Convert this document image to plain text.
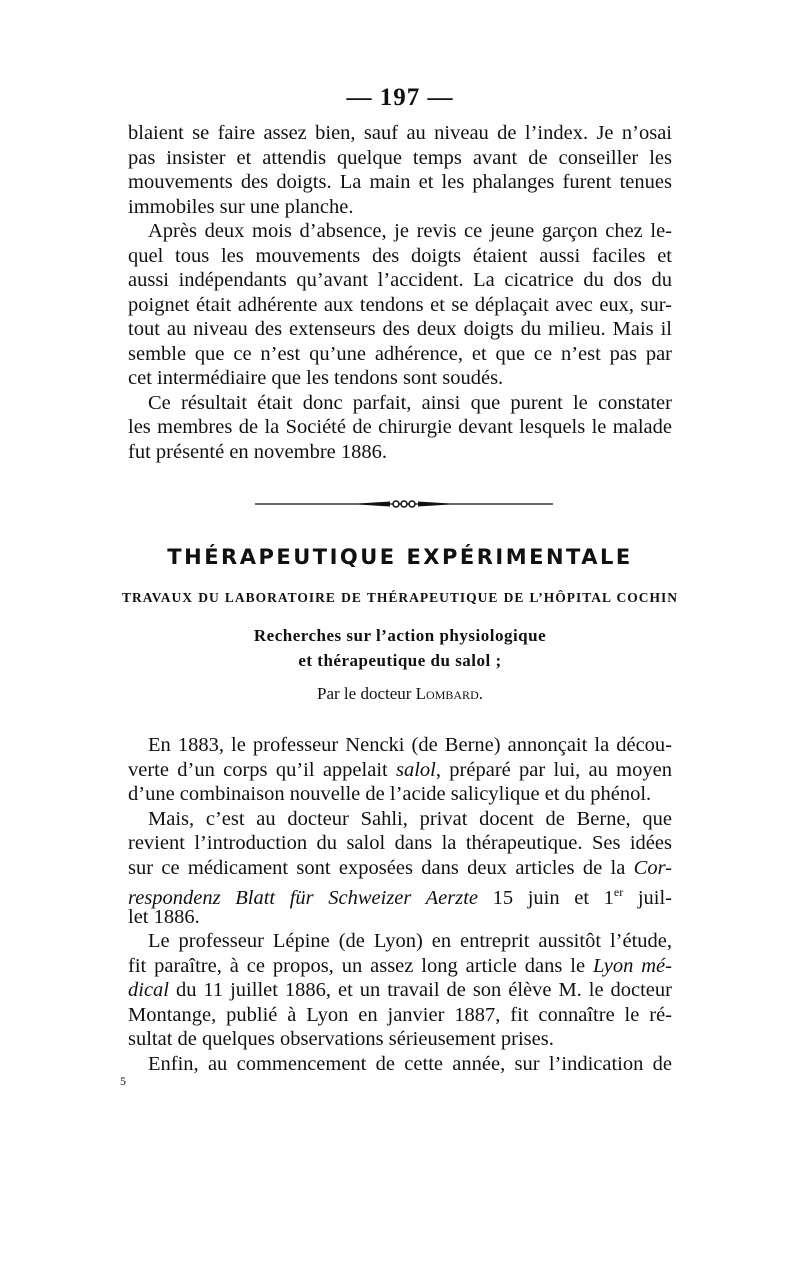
— 197 —
blaient se faire assez bien, sauf au niveau de l’index. Je n’osai
pas insister et attendis quelque temps avant de conseiller les
mouvements des doigts. La main et les phalanges furent tenues
immobiles sur une planche.
Après deux mois d’absence, je revis ce jeune garçon chez le-
quel tous les mouvements des doigts étaient aussi faciles et
aussi indépendants qu’avant l’accident. La cicatrice du dos du
poignet était adhérente aux tendons et se déplaçait avec eux, sur-
tout au niveau des extenseurs des deux doigts du milieu. Mais il
semble que ce n’est qu’une adhérence, et que ce n’est pas par
cet intermédiaire que les tendons sont soudés.
Ce résultait était donc parfait, ainsi que purent le constater
les membres de la Société de chirurgie devant lesquels le malade
fut présenté en novembre 1886.
THÉRAPEUTIQUE EXPÉRIMENTALE
TRAVAUX DU LABORATOIRE DE THÉRAPEUTIQUE DE L’HÔPITAL COCHIN
Recherches sur l’action physiologique
et thérapeutique du salol ;
Par le docteur Lombard.
En 1883, le professeur Nencki (de Berne) annonçait la décou-
verte d’un corps qu’il appelait salol, préparé par lui, au moyen
d’une combinaison nouvelle de l’acide salicylique et du phénol.
Mais, c’est au docteur Sahli, privat docent de Berne, que
revient l’introduction du salol dans la thérapeutique. Ses idées
sur ce médicament sont exposées dans deux articles de la Cor-
respondenz Blatt für Schweizer Aerzte 15 juin et 1er juil-
let 1886.
Le professeur Lépine (de Lyon) en entreprit aussitôt l’étude,
fit paraître, à ce propos, un assez long article dans le Lyon mé-
dical du 11 juillet 1886, et un travail de son élève M. le docteur
Montange, publié à Lyon en janvier 1887, fit connaître le ré-
sultat de quelques observations sérieusement prises.
Enfin, au commencement de cette année, sur l’indication de
5
